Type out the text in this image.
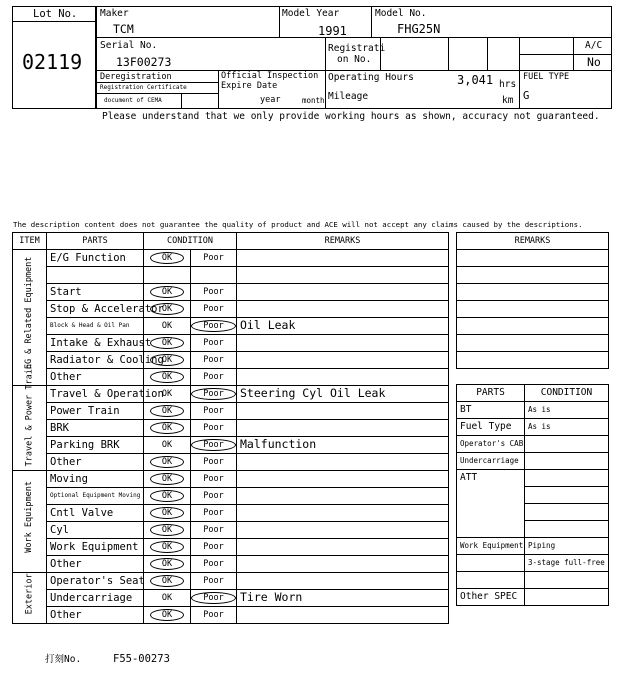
Lot No.
02119
Maker
TCM
Model Year
1991
Model No.
FHG25N
Serial No.
13F00273
Registrati
on No.
A/C
No
Deregistration
Registration Certificate
document of CEMA
Official Inspection
Expire Date
year	month
Operating Hours	3,041 hrs
Mileage	km
FUEL TYPE
G
Please understand that we only provide working hours as shown, accuracy not guaranteed.
The description content does not guarantee the quality of product and ACE will not accept any claims caused by the descriptions.
ITEM	PARTS	CONDITION		REMARKS

EG & Related Equipment	E/G Function	OK	Poor	

	Start	OK	Poor	
	Stop & Accelerator	OK	Poor	
	Block & Head & Oil Pan	OK	Poor	Oil Leak
	Intake & Exhaust	OK	Poor	
	Radiator & Cooling	OK	Poor	
	Other	OK	Poor	

Travel & Power Train	Travel & Operation	OK	Poor	Steering Cyl Oil Leak
	Power Train	OK	Poor	
	BRK	OK	Poor	
	Parking BRK	OK	Poor	Malfunction
	Other	OK	Poor	

Work Equipment	Moving	OK	Poor	
	Optional Equipment Moving	OK	Poor	
	Cntl Valve	OK	Poor	
	Cyl	OK	Poor	
	Work Equipment	OK	Poor	
	Other	OK	Poor	

Exterior	Operator's Seat	OK	Poor	
	Undercarriage	OK	Poor	Tire Worn
	Other	OK	Poor	
REMARKS

PARTS	CONDITION
BT	As is
Fuel Type	As is
Operator's CAB	
Undercarriage	
ATT	

Work Equipment	Piping
	3-stage full-free

Other SPEC	
打刻No.	F55-00273
